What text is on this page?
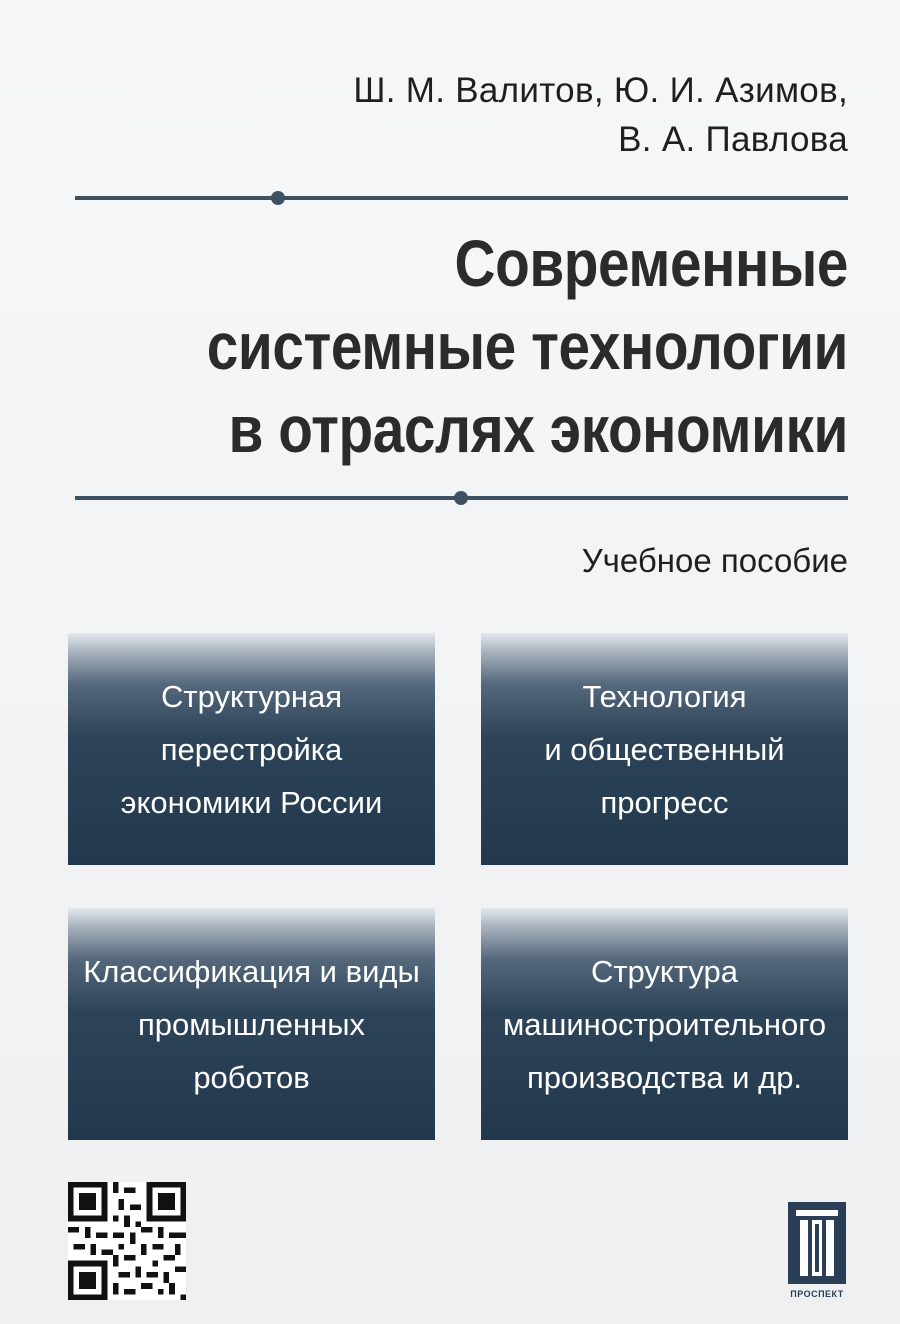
Ш. М. Валитов, Ю. И. Азимов,
В. А. Павлова
Современные
системные технологии
в отраслях экономики
Учебное пособие
Структурная
перестройка
экономики России
Технология
и общественный
прогресс
Классификация и виды
промышленных
роботов
Структура
машиностроительного
производства и др.
ПРОСПЕКТ
